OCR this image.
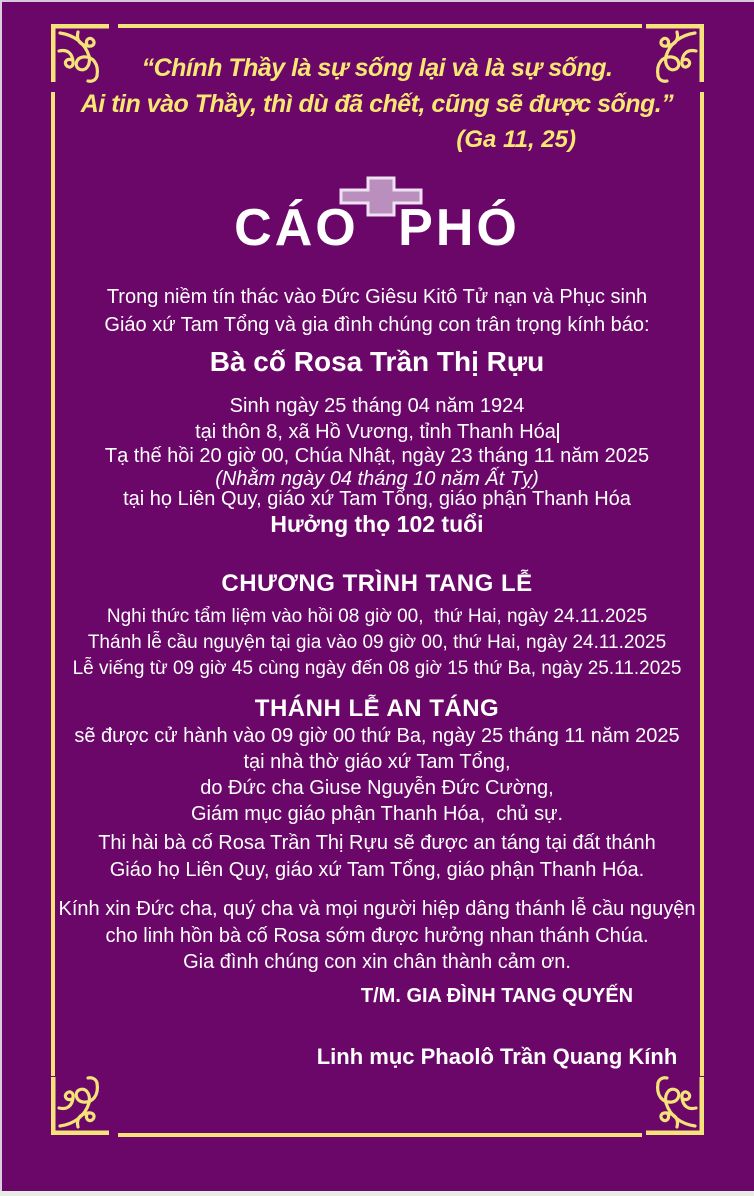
“Chính Thầy là sự sống lại và là sự sống.
Ai tin vào Thầy, thì dù đã chết, cũng sẽ được sống.”
(Ga 11, 25)

CÁO PHÓ
Trong niềm tín thác vào Đức Giêsu Kitô Tử nạn và Phục sinh
Giáo xứ Tam Tổng và gia đình chúng con trân trọng kính báo:
Bà cố Rosa Trần Thị Rựu
Sinh ngày 25 tháng 04 năm 1924
tại thôn 8, xã Hồ Vương, tỉnh Thanh Hóa
Tạ thế hồi 20 giờ 00, Chúa Nhật, ngày 23 tháng 11 năm 2025
(Nhằm ngày 04 tháng 10 năm Ất Tỵ)
tại họ Liên Quy, giáo xứ Tam Tổng, giáo phận Thanh Hóa
Hưởng thọ 102 tuổi
CHƯƠNG TRÌNH TANG LỄ
Nghi thức tẩm liệm vào hồi 08 giờ 00,  thứ Hai, ngày 24.11.2025
Thánh lễ cầu nguyện tại gia vào 09 giờ 00, thứ Hai, ngày 24.11.2025
Lễ viếng từ 09 giờ 45 cùng ngày đến 08 giờ 15 thứ Ba, ngày 25.11.2025
THÁNH LỄ AN TÁNG
sẽ được cử hành vào 09 giờ 00 thứ Ba, ngày 25 tháng 11 năm 2025
tại nhà thờ giáo xứ Tam Tổng,
do Đức cha Giuse Nguyễn Đức Cường,
Giám mục giáo phận Thanh Hóa,  chủ sự.
Thi hài bà cố Rosa Trần Thị Rựu sẽ được an táng tại đất thánh
Giáo họ Liên Quy, giáo xứ Tam Tổng, giáo phận Thanh Hóa.
Kính xin Đức cha, quý cha và mọi người hiệp dâng thánh lễ cầu nguyện
cho linh hồn bà cố Rosa sớm được hưởng nhan thánh Chúa.
Gia đình chúng con xin chân thành cảm ơn.
T/M. GIA ĐÌNH TANG QUYẾN
Linh mục Phaolô Trần Quang Kính
